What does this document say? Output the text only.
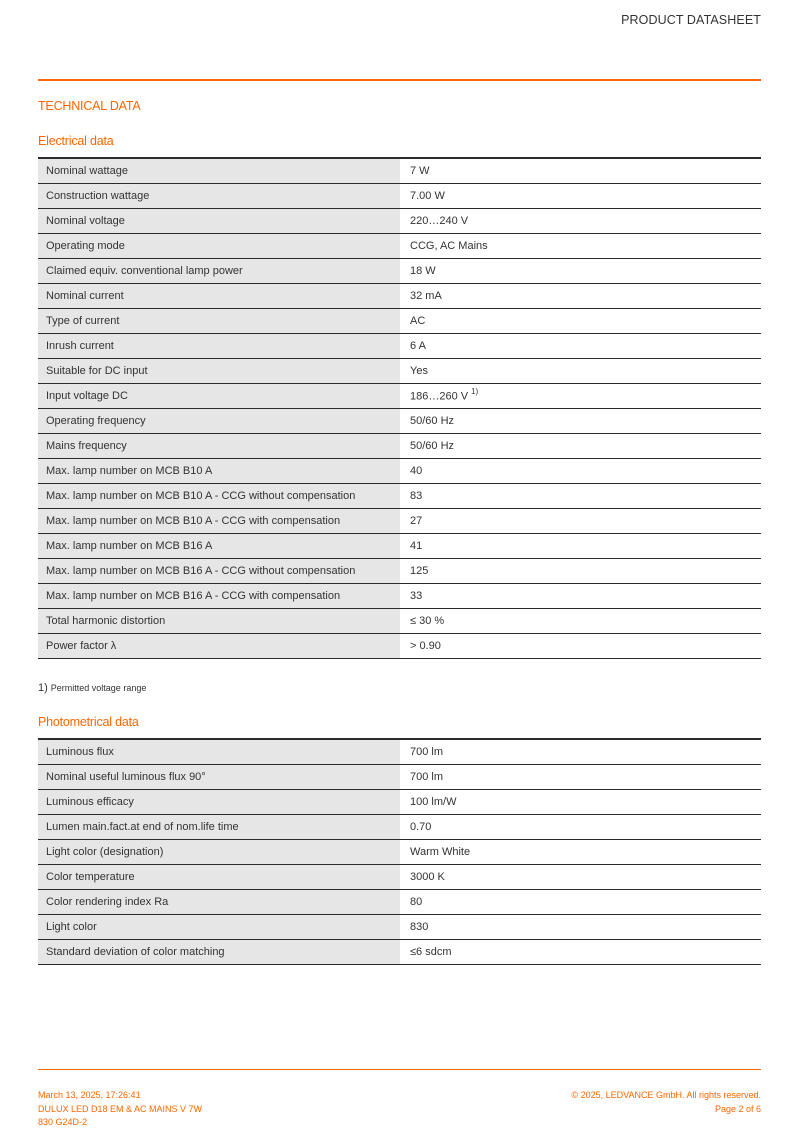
PRODUCT DATASHEET
TECHNICAL DATA
Electrical data
Nominal wattage	7 W
Construction wattage	7.00 W
Nominal voltage	220…240 V
Operating mode	CCG, AC Mains
Claimed equiv. conventional lamp power	18 W
Nominal current	32 mA
Type of current	AC
Inrush current	6 A
Suitable for DC input	Yes
Input voltage DC	186…260 V $^{1)}$
Operating frequency	50/60 Hz
Mains frequency	50/60 Hz
Max. lamp number on MCB B10 A	40
Max. lamp number on MCB B10 A - CCG without compensation	83
Max. lamp number on MCB B10 A - CCG with compensation	27
Max. lamp number on MCB B16 A	41
Max. lamp number on MCB B16 A - CCG without compensation	125
Max. lamp number on MCB B16 A - CCG with compensation	33
Total harmonic distortion	≤ 30 %
Power factor λ	> 0.90
1) Permitted voltage range
Photometrical data
Luminous flux	700 lm
Nominal useful luminous flux 90°	700 lm
Luminous efficacy	100 lm/W
Lumen main.fact.at end of nom.life time	0.70
Light color (designation)	Warm White
Color temperature	3000 K
Color rendering index Ra	80
Light color	830
Standard deviation of color matching	≤6 sdcm
March 13, 2025, 17:26:41
DULUX LED D18 EM & AC MAINS V 7W
830 G24D-2
© 2025, LEDVANCE GmbH. All rights reserved.
Page 2 of 6
